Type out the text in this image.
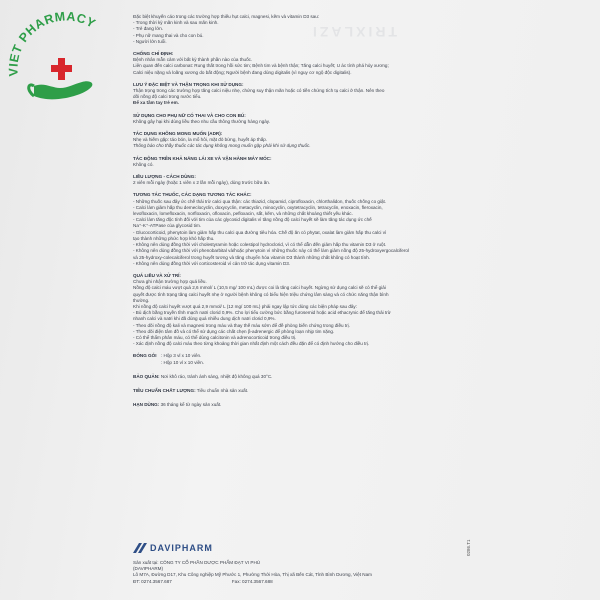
TRIXLAZI
VIET PHARMACY	Đặc biệt khuyến cáo trong các trường hợp thiếu hụt calci, magnesi, kẽm và vitamin D3 sau:
- Trong thời kỳ mãn kinh và sau mãn kinh.
- Trẻ đang lớn.
- Phụ nữ mang thai và cho con bú.
- Người lớn tuổi.
CHỐNG CHỈ ĐỊNH:
Bệnh nhân mẫn cảm với bất kỳ thành phần nào của thuốc.
Liên quan đến calci carbonat: Rung thất trong hồi sức tim; Bệnh tim và bệnh thận; Tăng calci huyết; U ác tính phá hủy xương;
Calci niệu nặng và loãng xương do bất động; Người bệnh đang dùng digitalis (vì nguy cơ ngộ độc digitalis).
LƯU Ý ĐẶC BIỆT VÀ THẬN TRỌNG KHI SỬ DỤNG:
Thận trọng trong các trường hợp tăng calci niệu nhẹ, chứng suy thận mãn hoặc có tiền chứng tích tụ calci ở thận. Nên theo
dõi nồng độ calci trong nước tiểu.
Để xa tầm tay trẻ em.
SỬ DỤNG CHO PHỤ NỮ CÓ THAI VÀ CHO CON BÚ:
Không gây hại khi dùng liều theo nhu cầu thông thường hàng ngày.
TÁC DỤNG KHÔNG MONG MUỐN (ADR):
Nhẹ và hiếm gặp: táo bón, ỉa mổ hôi, mặt đỏ bừng, huyết áp thấp.
Thông báo cho thầy thuốc các tác dụng không mong muốn gặp phải khi sử dụng thuốc.
TÁC ĐỘNG TRÊN KHẢ NĂNG LÁI XE VÀ VẬN HÀNH MÁY MÓC:
Không có.
LIỀU LƯỢNG - CÁCH DÙNG:
2 viên mỗi ngày (hoặc 1 viên x 2 lần mỗi ngày), dùng trước bữa ăn.
TƯƠNG TÁC THUỐC, CÁC DẠNG TƯƠNG TÁC KHÁC:
- Những thuốc sau đây ức chế thải trừ calci qua thận: các thiazid, clopamid, ciprofloxacin, chlorthalidon, thuốc chống co giật.
- Calci làm giảm hấp thu demeclocyclin, doxycyclin, metacyclin, minocyclin, oxytetracyclin, tetracyclin, enoxacin, fleroxacin,
levofloxacin, lomefloxacin, norfloxacin, ofloxacin, pefloxacin, sắt, kẽm, và những chất khoáng thiết yếu khác.
- Calci làm tăng độc tính đối với tim của các glycosid digitalis vì tăng nồng độ calci huyết sẽ làm tăng tác dụng ức chế
Na⁺-K⁺-ATPase của glycosid tim.
- Glucocorticoid, phenytoin làm giảm hấp thu calci qua đường tiêu hóa. Chế độ ăn có phytat, oxalat làm giảm hấp thu calci vì
tạo thành những phức hợp khó hấp thu.
- Không nên dùng đồng thời với cholestyramin hoặc colestipol hydroclorid, vì có thể dẫn đến giảm hấp thu vitamin D3 ở ruột.
- Không nên dùng đồng thời với phenobarbital và/hoặc phenytoin vì những thuốc này có thể làm giảm nồng độ 25-hydroxyergocalciferol
và 25-hydroxy-colecalciferol trong huyết tương và tăng chuyển hóa vitamin D3 thành những chất không có hoạt tính.
- Không nên dùng đồng thời với corticosteroid vì cản trở tác dụng vitamin D3.
QUÁ LIỀU VÀ XỬ TRÍ:
Chưa ghi nhận trường hợp quá liều.
Nồng độ calci máu vượt quá 2,6 mmol/ L (10,5 mg/ 100 mL) được coi là tăng calci huyết. Ngừng sử dụng calci sẽ có thể giải
quyết được tình trạng tăng calci huyết nhẹ ở người bệnh không có biểu hiện triệu chứng lâm sàng và có chức năng thận bình
thường.
Khi nồng độ calci huyết vượt quá 2,9 mmol/ L (12 mg/ 100 mL) phải ngay lập tức dùng các biện pháp sau đây:
- Bù dịch bằng truyền tĩnh mạch natri clorid 0,9%. Cho lợi tiểu cường bức bằng furosemid hoặc acid ethacrynic để tăng thải trừ
nhanh calci và natri khi đã dùng quá nhiều dung dịch natri clorid 0,9%.
- Theo dõi nồng độ kali và magnesi trong máu và thay thế máu sớm để đề phòng biến chứng trong điều trị.
- Theo dõi điện tâm đồ và có thể sử dụng các chất chẹn β-adrenergic để phòng loạn nhịp tim nặng.
- Có thể thẩm phân máu, có thể dùng calcitonin và adrenocorticoid trong điều trị.
- Xác định nồng độ calci máu theo từng khoảng thời gian nhất định một cách đều đặn để có định hướng cho điều trị.
ĐÓNG GÓI : Hộp 3 vỉ x 10 viên.
: Hộp 10 vỉ x 10 viên.
BẢO QUẢN: Nơi khô ráo, tránh ánh sáng, nhiệt độ không quá 30°C.
TIÊU CHUẨN CHẤT LƯỢNG: Tiêu chuẩn nhà sản xuất.
HẠN DÙNG: 36 tháng kể từ ngày sản xuất.
DAVIPHARM
Sản xuất tại: CÔNG TY CỔ PHẦN DƯỢC PHẨM ĐẠT VI PHÚ
(DAVIPHARM)
Lô M7A, Đường D17, Khu Công nghiệp Mỹ Phước 1, Phường Thới Hòa, Thị xã Bến Cát, Tỉnh Bình Dương, Việt Nam
ĐT: 0274.3567.687	Fax: 0274.3567.688
0286.T1
